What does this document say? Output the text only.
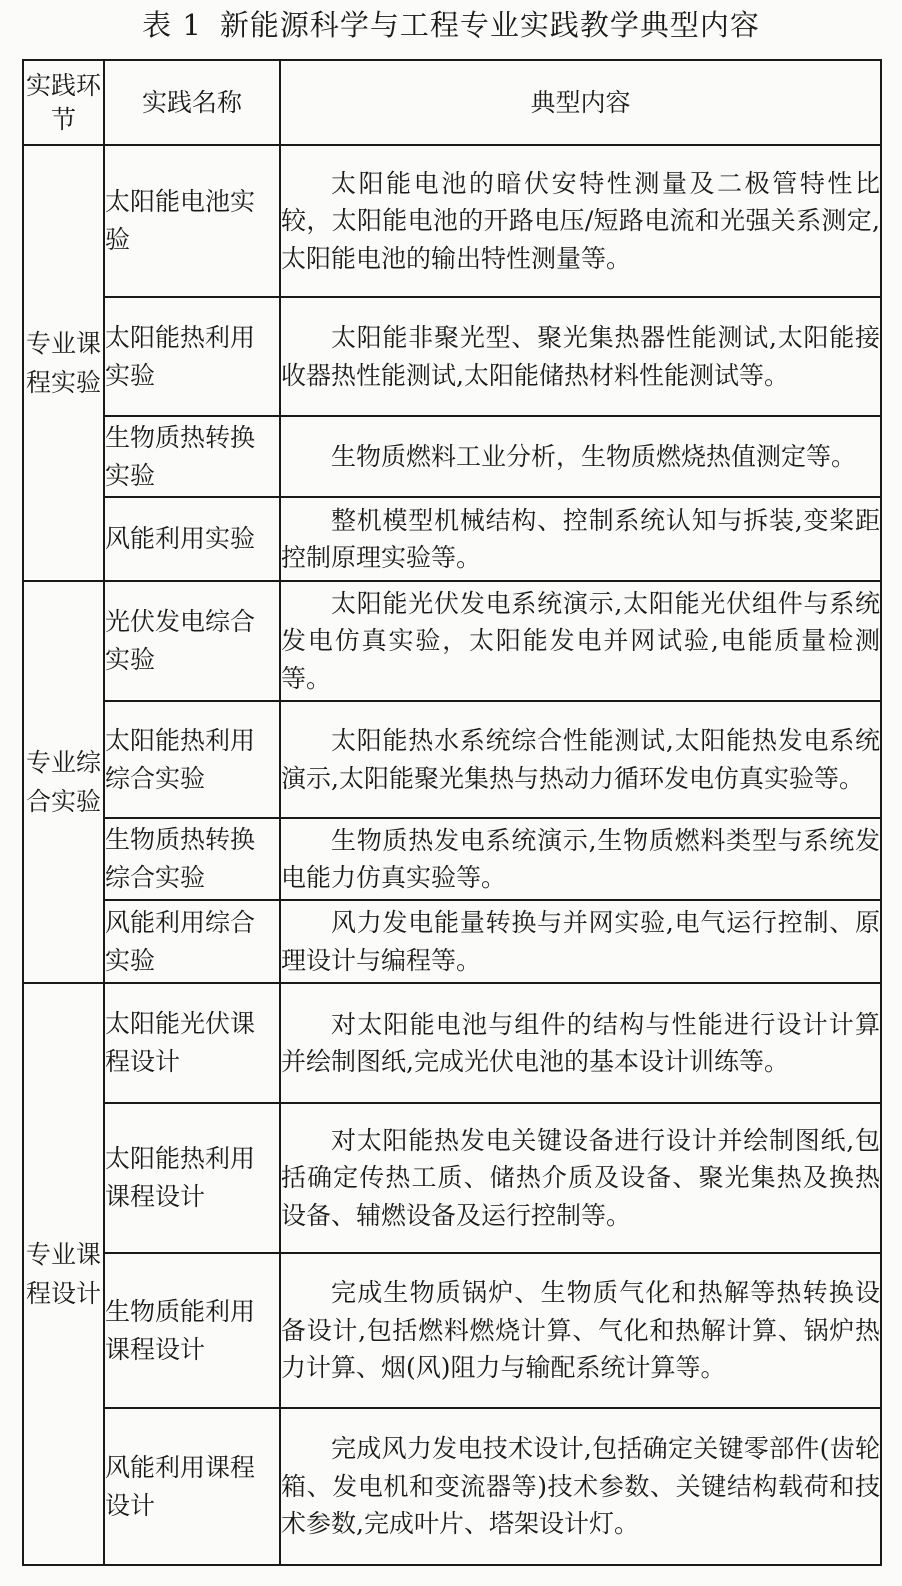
表 1 新能源科学与工程专业实践教学典型内容
实践环节	实践名称	典型内容
专业课程实验	太阳能电池实验	太阳能电池的暗伏安特性测量及二极管特性比较，太阳能电池的开路电压/短路电流和光强关系测定,太阳能电池的输出特性测量等。

	太阳能热利用实验	太阳能非聚光型、聚光集热器性能测试,太阳能接收器热性能测试,太阳能储热材料性能测试等。

	生物质热转换实验	生物质燃料工业分析，生物质燃烧热值测定等。

	风能利用实验	整机模型机械结构、控制系统认知与拆装,变桨距控制原理实验等。

专业综合实验	光伏发电综合实验	太阳能光伏发电系统演示,太阳能光伏组件与系统发电仿真实验，太阳能发电并网试验,电能质量检测等。

	太阳能热利用综合实验	太阳能热水系统综合性能测试,太阳能热发电系统演示,太阳能聚光集热与热动力循环发电仿真实验等。

	生物质热转换综合实验	生物质热发电系统演示,生物质燃料类型与系统发电能力仿真实验等。

	风能利用综合实验	风力发电能量转换与并网实验,电气运行控制、原理设计与编程等。

专业课程设计	太阳能光伏课程设计	对太阳能电池与组件的结构与性能进行设计计算并绘制图纸,完成光伏电池的基本设计训练等。

	太阳能热利用课程设计	对太阳能热发电关键设备进行设计并绘制图纸,包括确定传热工质、储热介质及设备、聚光集热及换热设备、辅燃设备及运行控制等。

	生物质能利用课程设计	完成生物质锅炉、生物质气化和热解等热转换设备设计,包括燃料燃烧计算、气化和热解计算、锅炉热力计算、烟(风)阻力与输配系统计算等。

	风能利用课程设计	完成风力发电技术设计,包括确定关键零部件(齿轮箱、发电机和变流器等)技术参数、关键结构载荷和技术参数,完成叶片、塔架设计灯。
